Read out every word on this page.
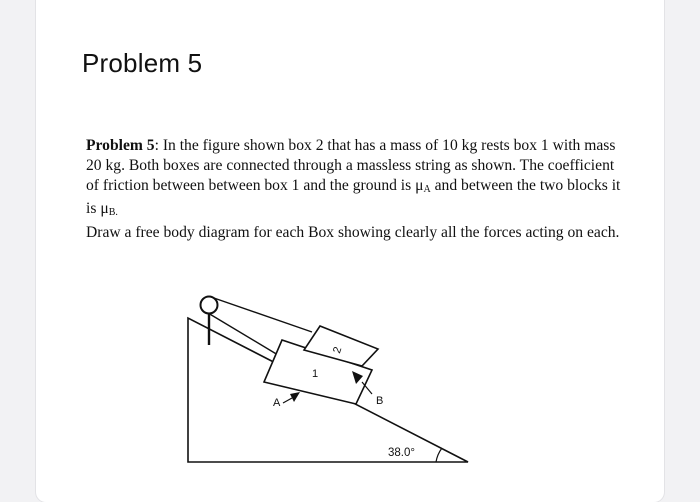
Problem 5

Problem 5: In the figure shown box 2 that has a mass of 10 kg rests box 1 with mass 20 kg. Both boxes are connected through a massless string as shown. The coefficient of friction between between box 1 and the ground is $\mu_A$ and between the two blocks it is $\mu_{B.}$

Draw a free body diagram for each Box showing clearly all the forces acting on each.

1
2
A	B
38.0°
